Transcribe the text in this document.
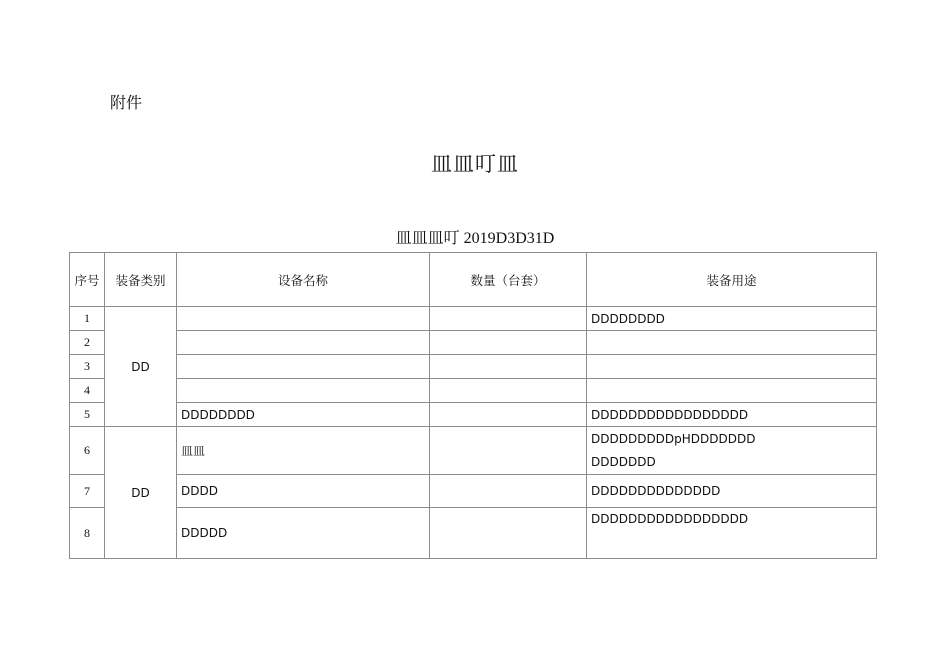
附件
皿皿叮皿
皿皿皿叮 2019D3D31D
序号	装备类别	设备名称	数量（台套）	装备用途
1	DD			DDDDDDDD
2				
3				
4				
5		DDDDDDDD		DDDDDDDDDDDDDDDDD
6	DD	皿皿		DDDDDDDDDpHDDDDDDD
DDDDDDD

7		DDDD		DDDDDDDDDDDDDD
8		DDDDD		DDDDDDDDDDDDDDDDD
